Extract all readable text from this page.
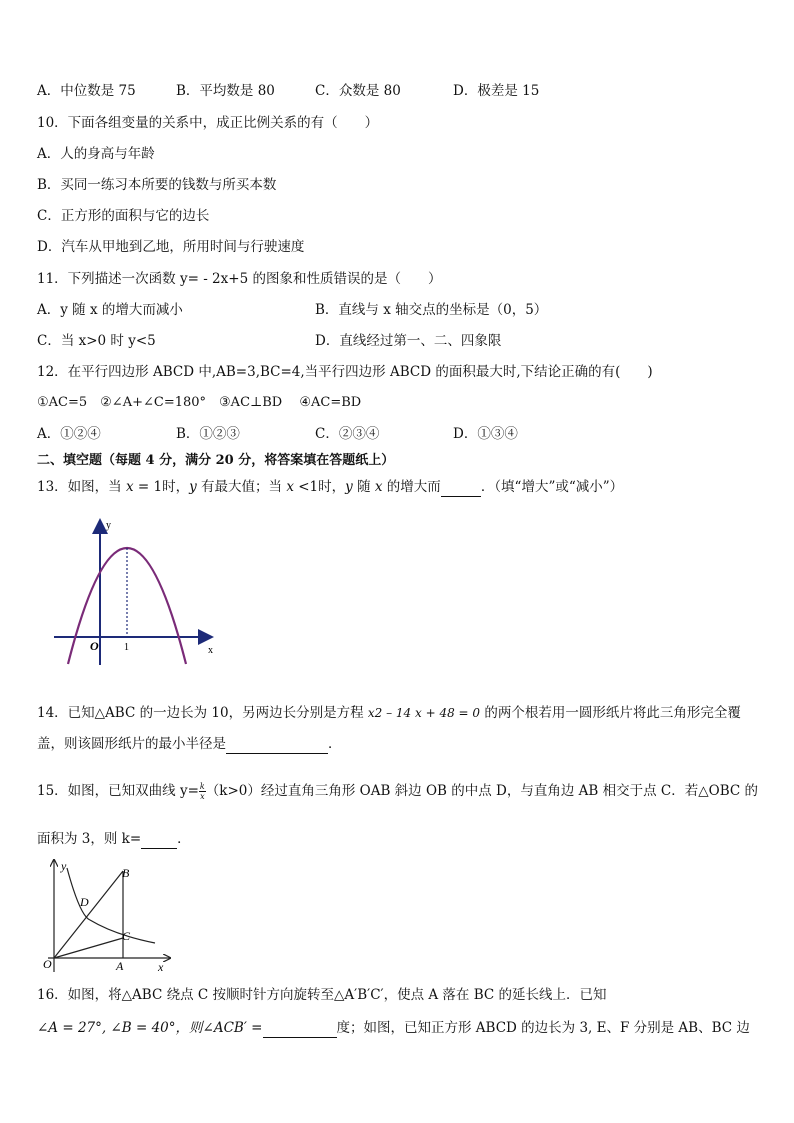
A．中位数是 75	B．平均数是 80	C．众数是 80	D．极差是 15
10．下面各组变量的关系中，成正比例关系的有（　　）
A．人的身高与年龄
B．买同一练习本所要的钱数与所买本数
C．正方形的面积与它的边长
D．汽车从甲地到乙地，所用时间与行驶速度
11．下列描述一次函数 y= - 2x+5 的图象和性质错误的是（　　）
A．y 随 x 的增大而减小	B．直线与 x 轴交点的坐标是（0，5）
C．当 x>0 时 y<5	D．直线经过第一、二、四象限
12．在平行四边形 ABCD 中,AB=3,BC=4,当平行四边形 ABCD 的面积最大时,下结论正确的有(　　)
①AC=5　②∠A+∠C=180°　③AC⊥BD　 ④AC=BD
A．①②④	B．①②③	C．②③④	D．①③④
二、填空题（每题 4 分，满分 20 分，将答案填在答题纸上）
13．如图，当 x = 1时，y 有最大值；当 x <1时，y 随 x 的增大而	．（填“增大”或“减小”）
y
x
O	1
14．已知△ABC 的一边长为 10，另两边长分别是方程 x2 – 14 x + 48 = 0 的两个根若用一圆形纸片将此三角形完全覆
盖，则该圆形纸片的最小半径是	．
15．如图，已知双曲线 $y= \frac{k}{x} (k>0)$经过直角三角形 OAB 斜边 OB 的中点 D，与直角边 AB 相交于点 C．若△OBC 的
面积为 3，则 k=	．
y	B
D
C
O	A	x
16．如图，将△ABC 绕点 C 按顺时针方向旋转至△A′B′C′，使点 A 落在 BC 的延长线上．已知
∠A = 27°, ∠B = 40°，则∠ACB′ =	度；如图，已知正方形 ABCD 的边长为 3, E、F 分别是 AB、BC 边
